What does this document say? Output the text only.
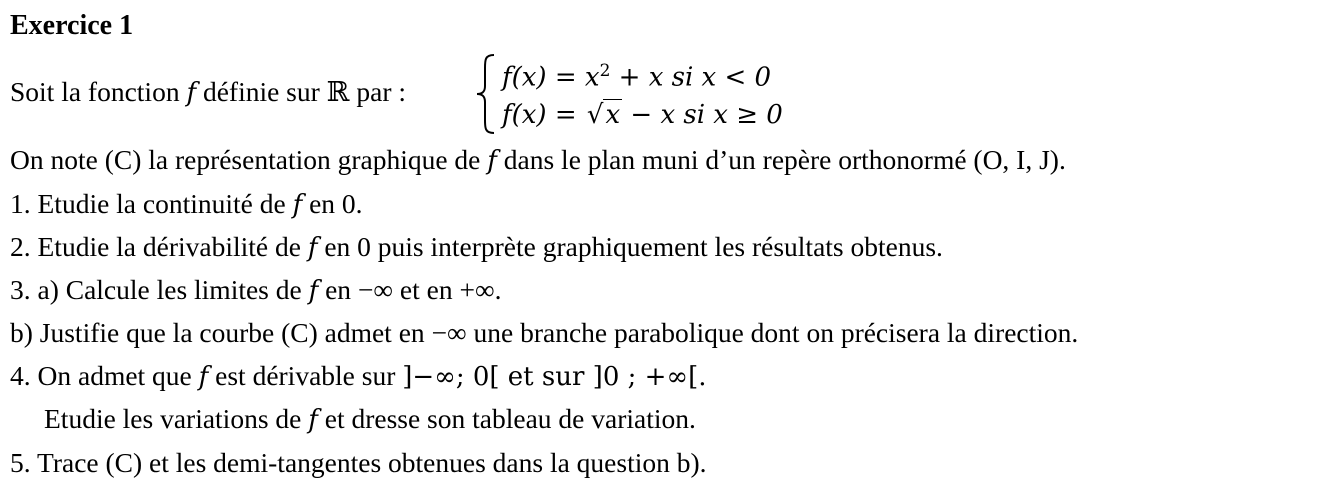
Exercice 1
Soit la fonction f définie sur ℝ par :	$f(x) = x^2 + x$ si x < 0
f(x) = √x − x si x ≥ 0
On note (C) la représentation graphique de f dans le plan muni d’un repère orthonormé (O, I, J).
1. Etudie la continuité de f en 0.
2. Etudie la dérivabilité de f en 0 puis interprète graphiquement les résultats obtenus.
3. a) Calcule les limites de f en −∞ et en +∞.
b) Justifie que la courbe (C) admet en −∞ une branche parabolique dont on précisera la direction.
4. On admet que f est dérivable sur ]−∞; 0[ et sur ]0 ; +∞[.
Etudie les variations de f et dresse son tableau de variation.
5. Trace (C) et les demi-tangentes obtenues dans la question b).
